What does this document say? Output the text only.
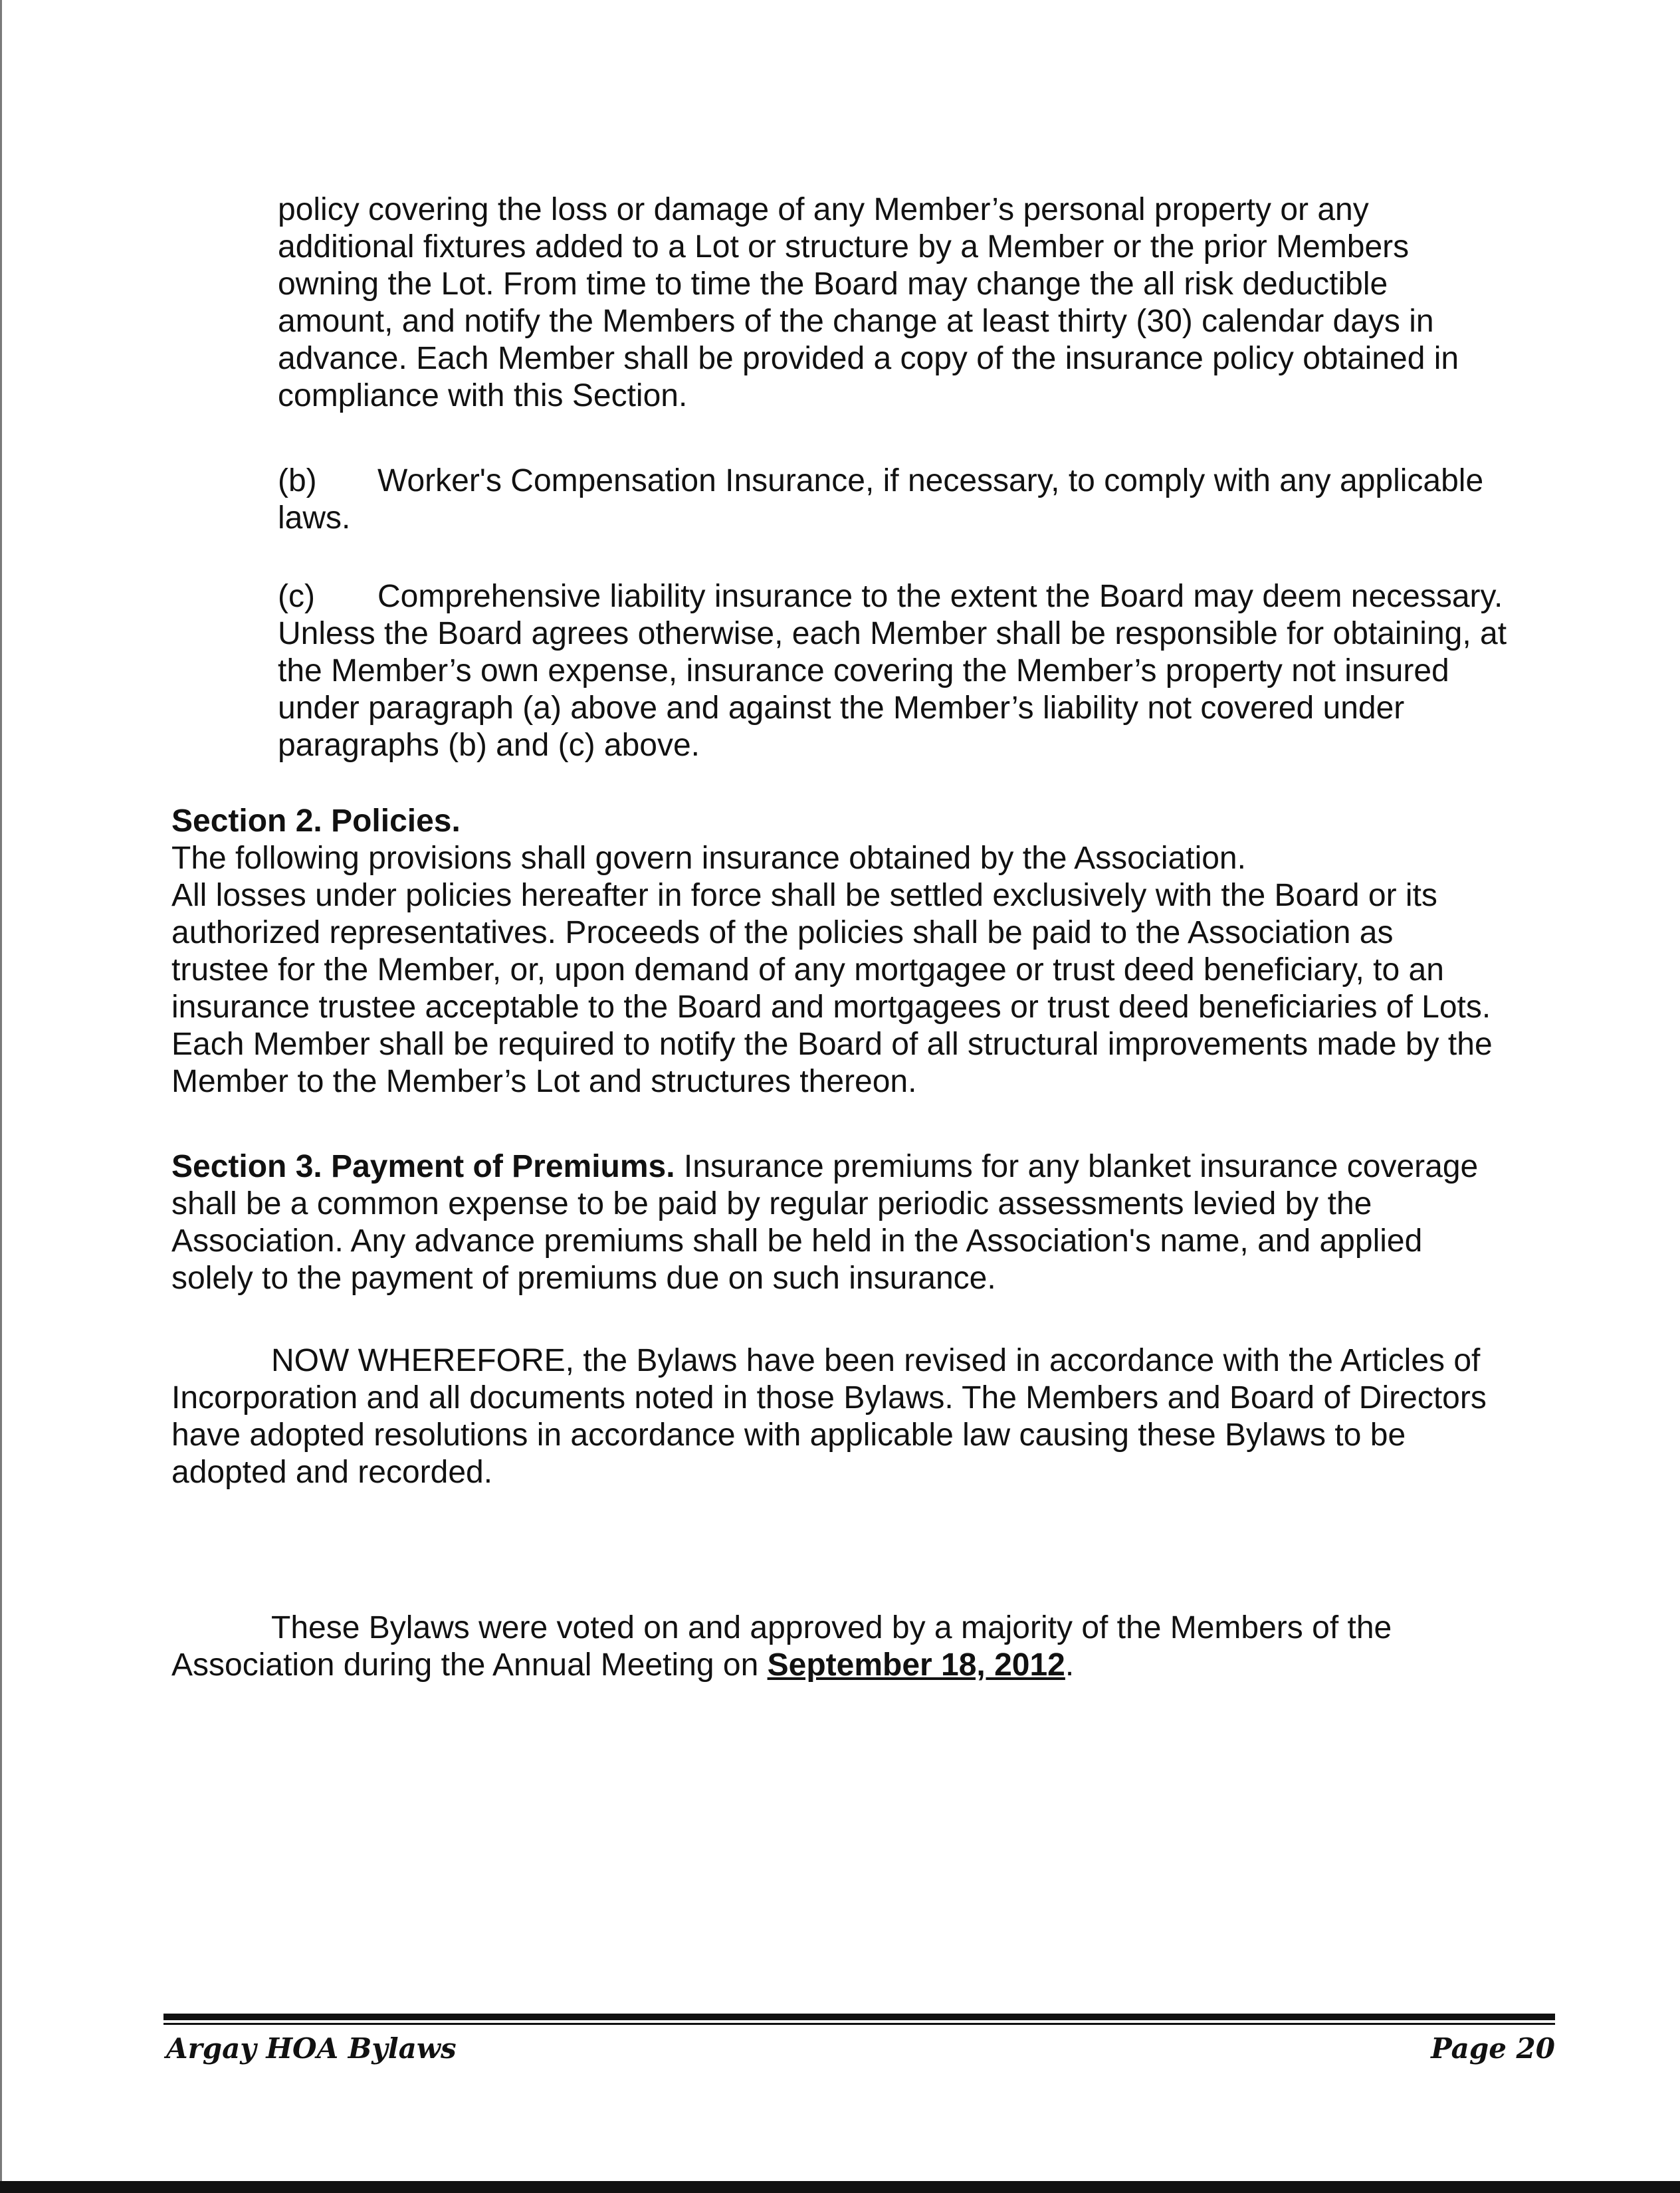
policy covering the loss or damage of any Member’s personal property or any
additional fixtures added to a Lot or structure by a Member or the prior Members
owning the Lot. From time to time the Board may change the all risk deductible
amount, and notify the Members of the change at least thirty (30) calendar days in
advance. Each Member shall be provided a copy of the insurance policy obtained in
compliance with this Section.
(b) Worker's Compensation Insurance, if necessary, to comply with any applicable
laws.
(c) Comprehensive liability insurance to the extent the Board may deem necessary.
Unless the Board agrees otherwise, each Member shall be responsible for obtaining, at
the Member’s own expense, insurance covering the Member’s property not insured
under paragraph (a) above and against the Member’s liability not covered under
paragraphs (b) and (c) above.
Section 2. Policies.
The following provisions shall govern insurance obtained by the Association.
All losses under policies hereafter in force shall be settled exclusively with the Board or its
authorized representatives. Proceeds of the policies shall be paid to the Association as
trustee for the Member, or, upon demand of any mortgagee or trust deed beneficiary, to an
insurance trustee acceptable to the Board and mortgagees or trust deed beneficiaries of Lots.
Each Member shall be required to notify the Board of all structural improvements made by the
Member to the Member’s Lot and structures thereon.
Section 3. Payment of Premiums. Insurance premiums for any blanket insurance coverage
shall be a common expense to be paid by regular periodic assessments levied by the
Association. Any advance premiums shall be held in the Association's name, and applied
solely to the payment of premiums due on such insurance.
NOW WHEREFORE, the Bylaws have been revised in accordance with the Articles of
Incorporation and all documents noted in those Bylaws. The Members and Board of Directors
have adopted resolutions in accordance with applicable law causing these Bylaws to be
adopted and recorded.
These Bylaws were voted on and approved by a majority of the Members of the
Association during the Annual Meeting on September 18, 2012.
Argay HOA Bylaws	Page 20
